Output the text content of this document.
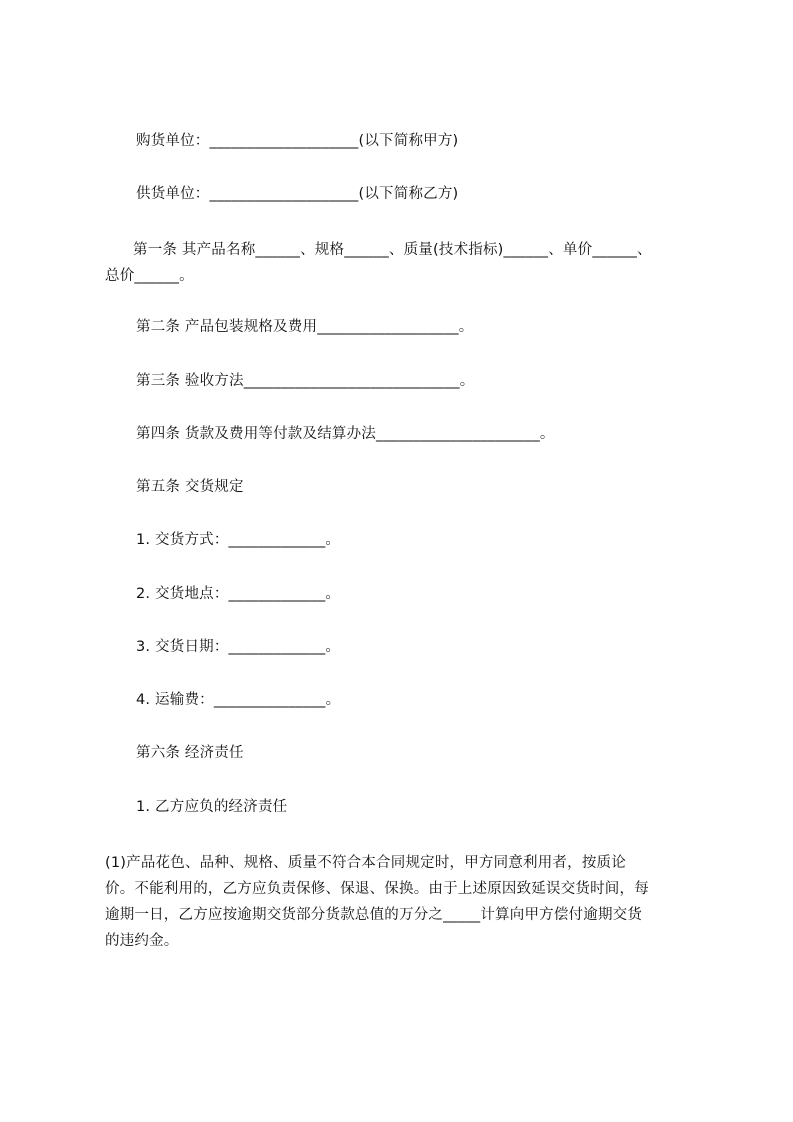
购货单位：____________________(以下简称甲方)
供货单位：____________________(以下简称乙方)
第一条 其产品名称______、规格______、质量(技术指标)______、单价______、
总价______。
第二条 产品包装规格及费用___________________。
第三条 验收方法_____________________________。
第四条 货款及费用等付款及结算办法______________________。
第五条 交货规定
1. 交货方式：_____________。
2. 交货地点：_____________。
3. 交货日期：_____________。
4. 运输费：_______________。
第六条 经济责任
1. 乙方应负的经济责任
(1)产品花色、品种、规格、质量不符合本合同规定时，甲方同意利用者，按质论
价。不能利用的，乙方应负责保修、保退、保换。由于上述原因致延误交货时间，每
逾期一日，乙方应按逾期交货部分货款总值的万分之_____计算向甲方偿付逾期交货
的违约金。
